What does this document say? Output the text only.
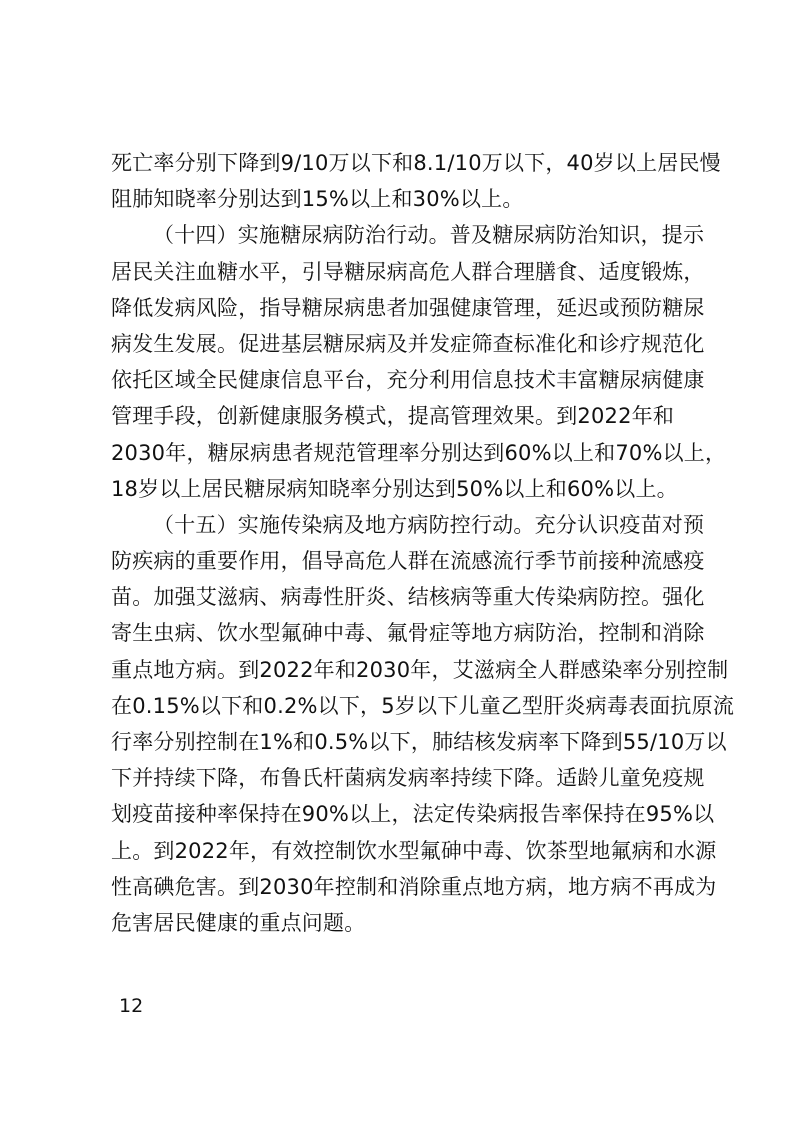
死亡率分别下降到9/10万以下和8.1/10万以下，40岁以上居民慢
阻肺知晓率分别达到15%以上和30%以上。
（十四）实施糖尿病防治行动。普及糖尿病防治知识，提示
居民关注血糖水平，引导糖尿病高危人群合理膳食、适度锻炼，
降低发病风险，指导糖尿病患者加强健康管理，延迟或预防糖尿
病发生发展。促进基层糖尿病及并发症筛查标准化和诊疗规范化
依托区域全民健康信息平台，充分利用信息技术丰富糖尿病健康
管理手段，创新健康服务模式，提高管理效果。到2022年和
2030年，糖尿病患者规范管理率分别达到60%以上和70%以上，
18岁以上居民糖尿病知晓率分别达到50%以上和60%以上。
（十五）实施传染病及地方病防控行动。充分认识疫苗对预
防疾病的重要作用，倡导高危人群在流感流行季节前接种流感疫
苗。加强艾滋病、病毒性肝炎、结核病等重大传染病防控。强化
寄生虫病、饮水型氟砷中毒、氟骨症等地方病防治，控制和消除
重点地方病。到2022年和2030年，艾滋病全人群感染率分别控制
在0.15%以下和0.2%以下，5岁以下儿童乙型肝炎病毒表面抗原流
行率分别控制在1%和0.5%以下，肺结核发病率下降到55/10万以
下并持续下降，布鲁氏杆菌病发病率持续下降。适龄儿童免疫规
划疫苗接种率保持在90%以上，法定传染病报告率保持在95%以
上。到2022年，有效控制饮水型氟砷中毒、饮茶型地氟病和水源
性高碘危害。到2030年控制和消除重点地方病，地方病不再成为
危害居民健康的重点问题。
12
